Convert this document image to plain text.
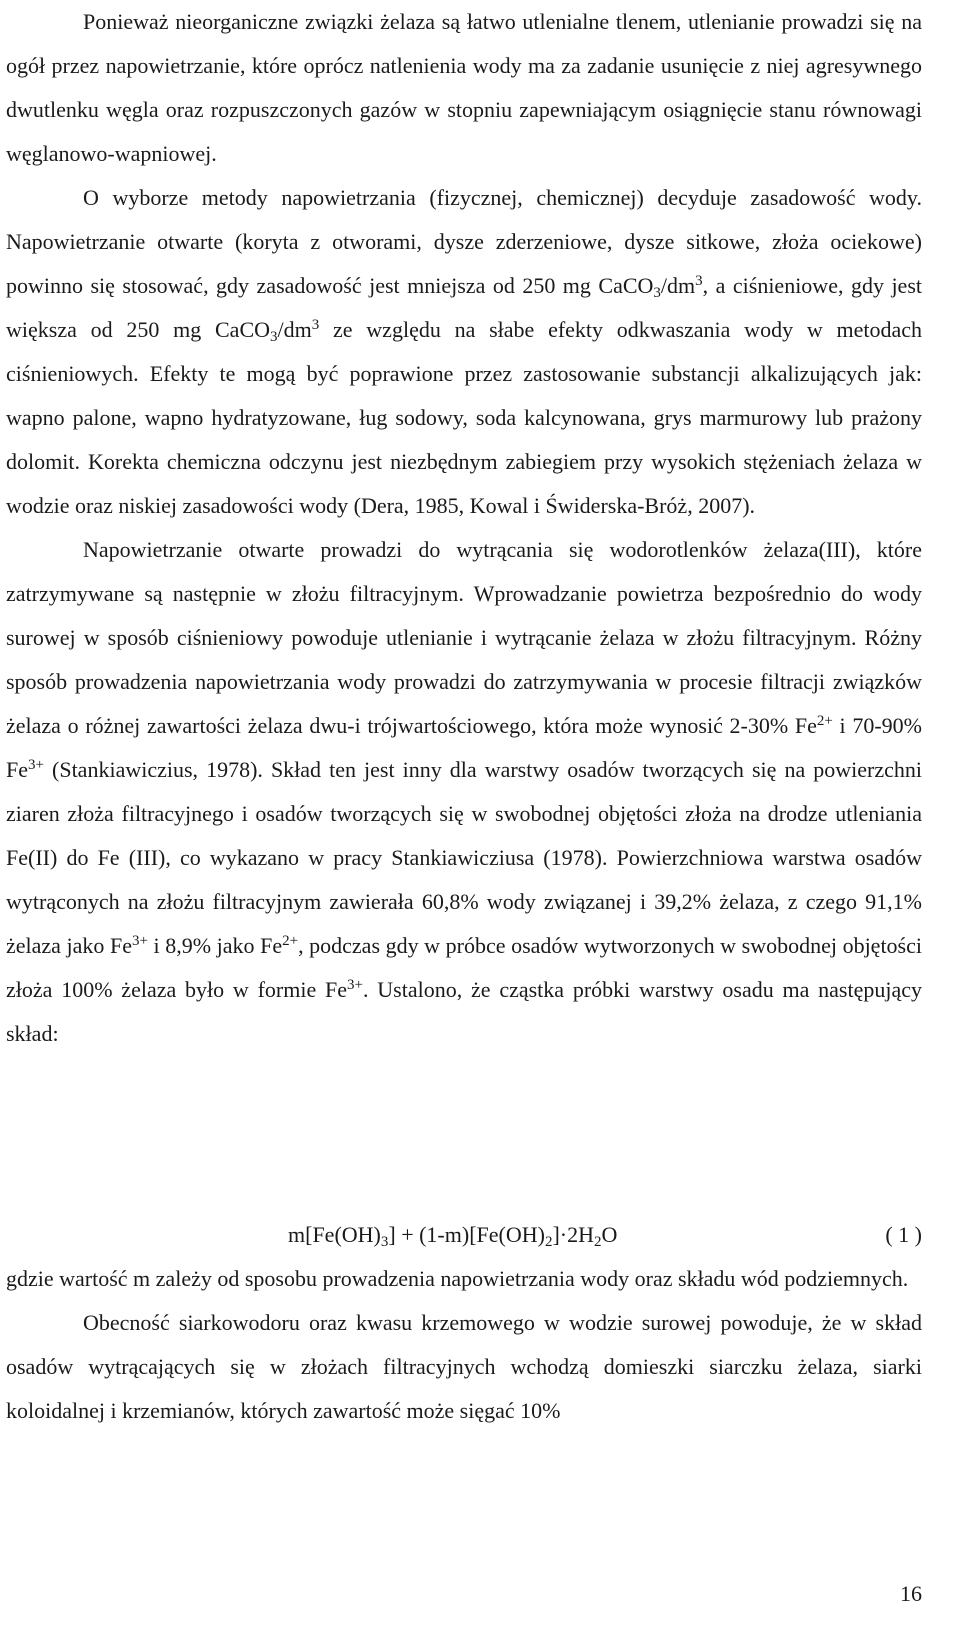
Ponieważ nieorganiczne związki żelaza są łatwo utlenialne tlenem, utlenianie prowadzi się na ogół przez napowietrzanie, które oprócz natlenienia wody ma za zadanie usunięcie z niej agresywnego dwutlenku węgla oraz rozpuszczonych gazów w stopniu zapewniającym osiągnięcie stanu równowagi węglanowo-wapniowej.

O wyborze metody napowietrzania (fizycznej, chemicznej) decyduje zasadowość wody. Napowietrzanie otwarte (koryta z otworami, dysze zderzeniowe, dysze sitkowe, złoża ociekowe) powinno się stosować, gdy zasadowość jest mniejsza od 250 mg $CaCO_3/dm^3$, a ciśnieniowe, gdy jest większa od 250 mg $CaCO_3/dm^3$ ze względu na słabe efekty odkwaszania wody w metodach ciśnieniowych. Efekty te mogą być poprawione przez zastosowanie substancji alkalizujących jak: wapno palone, wapno hydratyzowane, ług sodowy, soda kalcynowana, grys marmurowy lub prażony dolomit. Korekta chemiczna odczynu jest niezbędnym zabiegiem przy wysokich stężeniach żelaza w wodzie oraz niskiej zasadowości wody (Dera, 1985, Kowal i Świderska-Bróż, 2007).

Napowietrzanie otwarte prowadzi do wytrącania się wodorotlenków żelaza(III), które zatrzymywane są następnie w złożu filtracyjnym. Wprowadzanie powietrza bezpośrednio do wody surowej w sposób ciśnieniowy powoduje utlenianie i wytrącanie żelaza w złożu filtracyjnym. Różny sposób prowadzenia napowietrzania wody prowadzi do zatrzymywania w procesie filtracji związków żelaza o różnej zawartości żelaza dwu-i trójwartościowego, która może wynosić 2-30% $Fe^{2+}$ i 70-90% $Fe^{3+}$ (Stankiawiczius, 1978). Skład ten jest inny dla warstwy osadów tworzących się na powierzchni ziaren złoża filtracyjnego i osadów tworzących się w swobodnej objętości złoża na drodze utleniania Fe(II) do Fe (III), co wykazano w pracy Stankiawicziusa (1978). Powierzchniowa warstwa osadów wytrąconych na złożu filtracyjnym zawierała 60,8% wody związanej i 39,2% żelaza, z czego 91,1% żelaza jako $Fe^{3+}$ i 8,9% jako $Fe^{2+}$, podczas gdy w próbce osadów wytworzonych w swobodnej objętości złoża 100% żelaza było w formie $Fe^{3+}$. Ustalono, że cząstka próbki warstwy osadu ma następujący skład:

$m[Fe(OH)_3] + (1-m)[Fe(OH)_2]\cdot 2H_2O$	( 1 )

gdzie wartość m zależy od sposobu prowadzenia napowietrzania wody oraz składu wód podziemnych.

Obecność siarkowodoru oraz kwasu krzemowego w wodzie surowej powoduje, że w skład osadów wytrącających się w złożach filtracyjnych wchodzą domieszki siarczku żelaza, siarki koloidalnej i krzemianów, których zawartość może sięgać 10%

16
